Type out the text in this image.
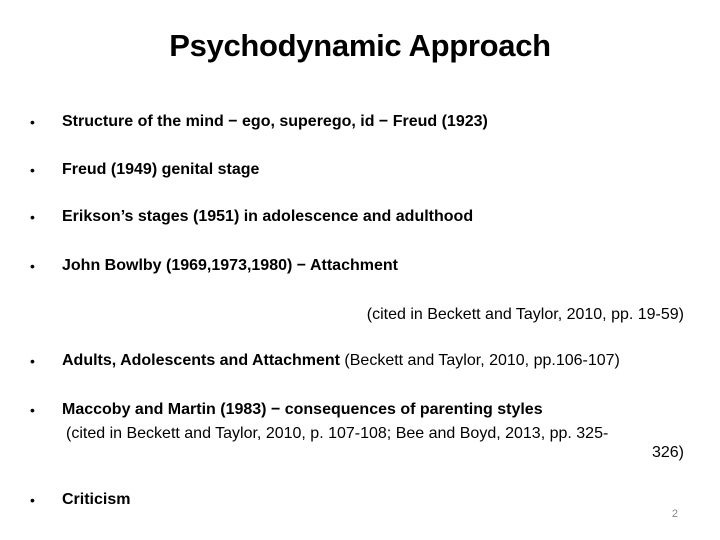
Psychodynamic Approach
•	Structure of the mind − ego, superego, id − Freud (1923)
•	Freud (1949) genital stage
•	Erikson’s stages (1951) in adolescence and adulthood
•	John Bowlby (1969,1973,1980) − Attachment
(cited in Beckett and Taylor, 2010, pp. 19-59)
•	Adults, Adolescents and Attachment (Beckett and Taylor, 2010, pp.106-107)
•	Maccoby and Martin (1983) − consequences of parenting styles
(cited in Beckett and Taylor, 2010, p. 107-108; Bee and Boyd, 2013, pp. 325-
326)
•	Criticism
2
